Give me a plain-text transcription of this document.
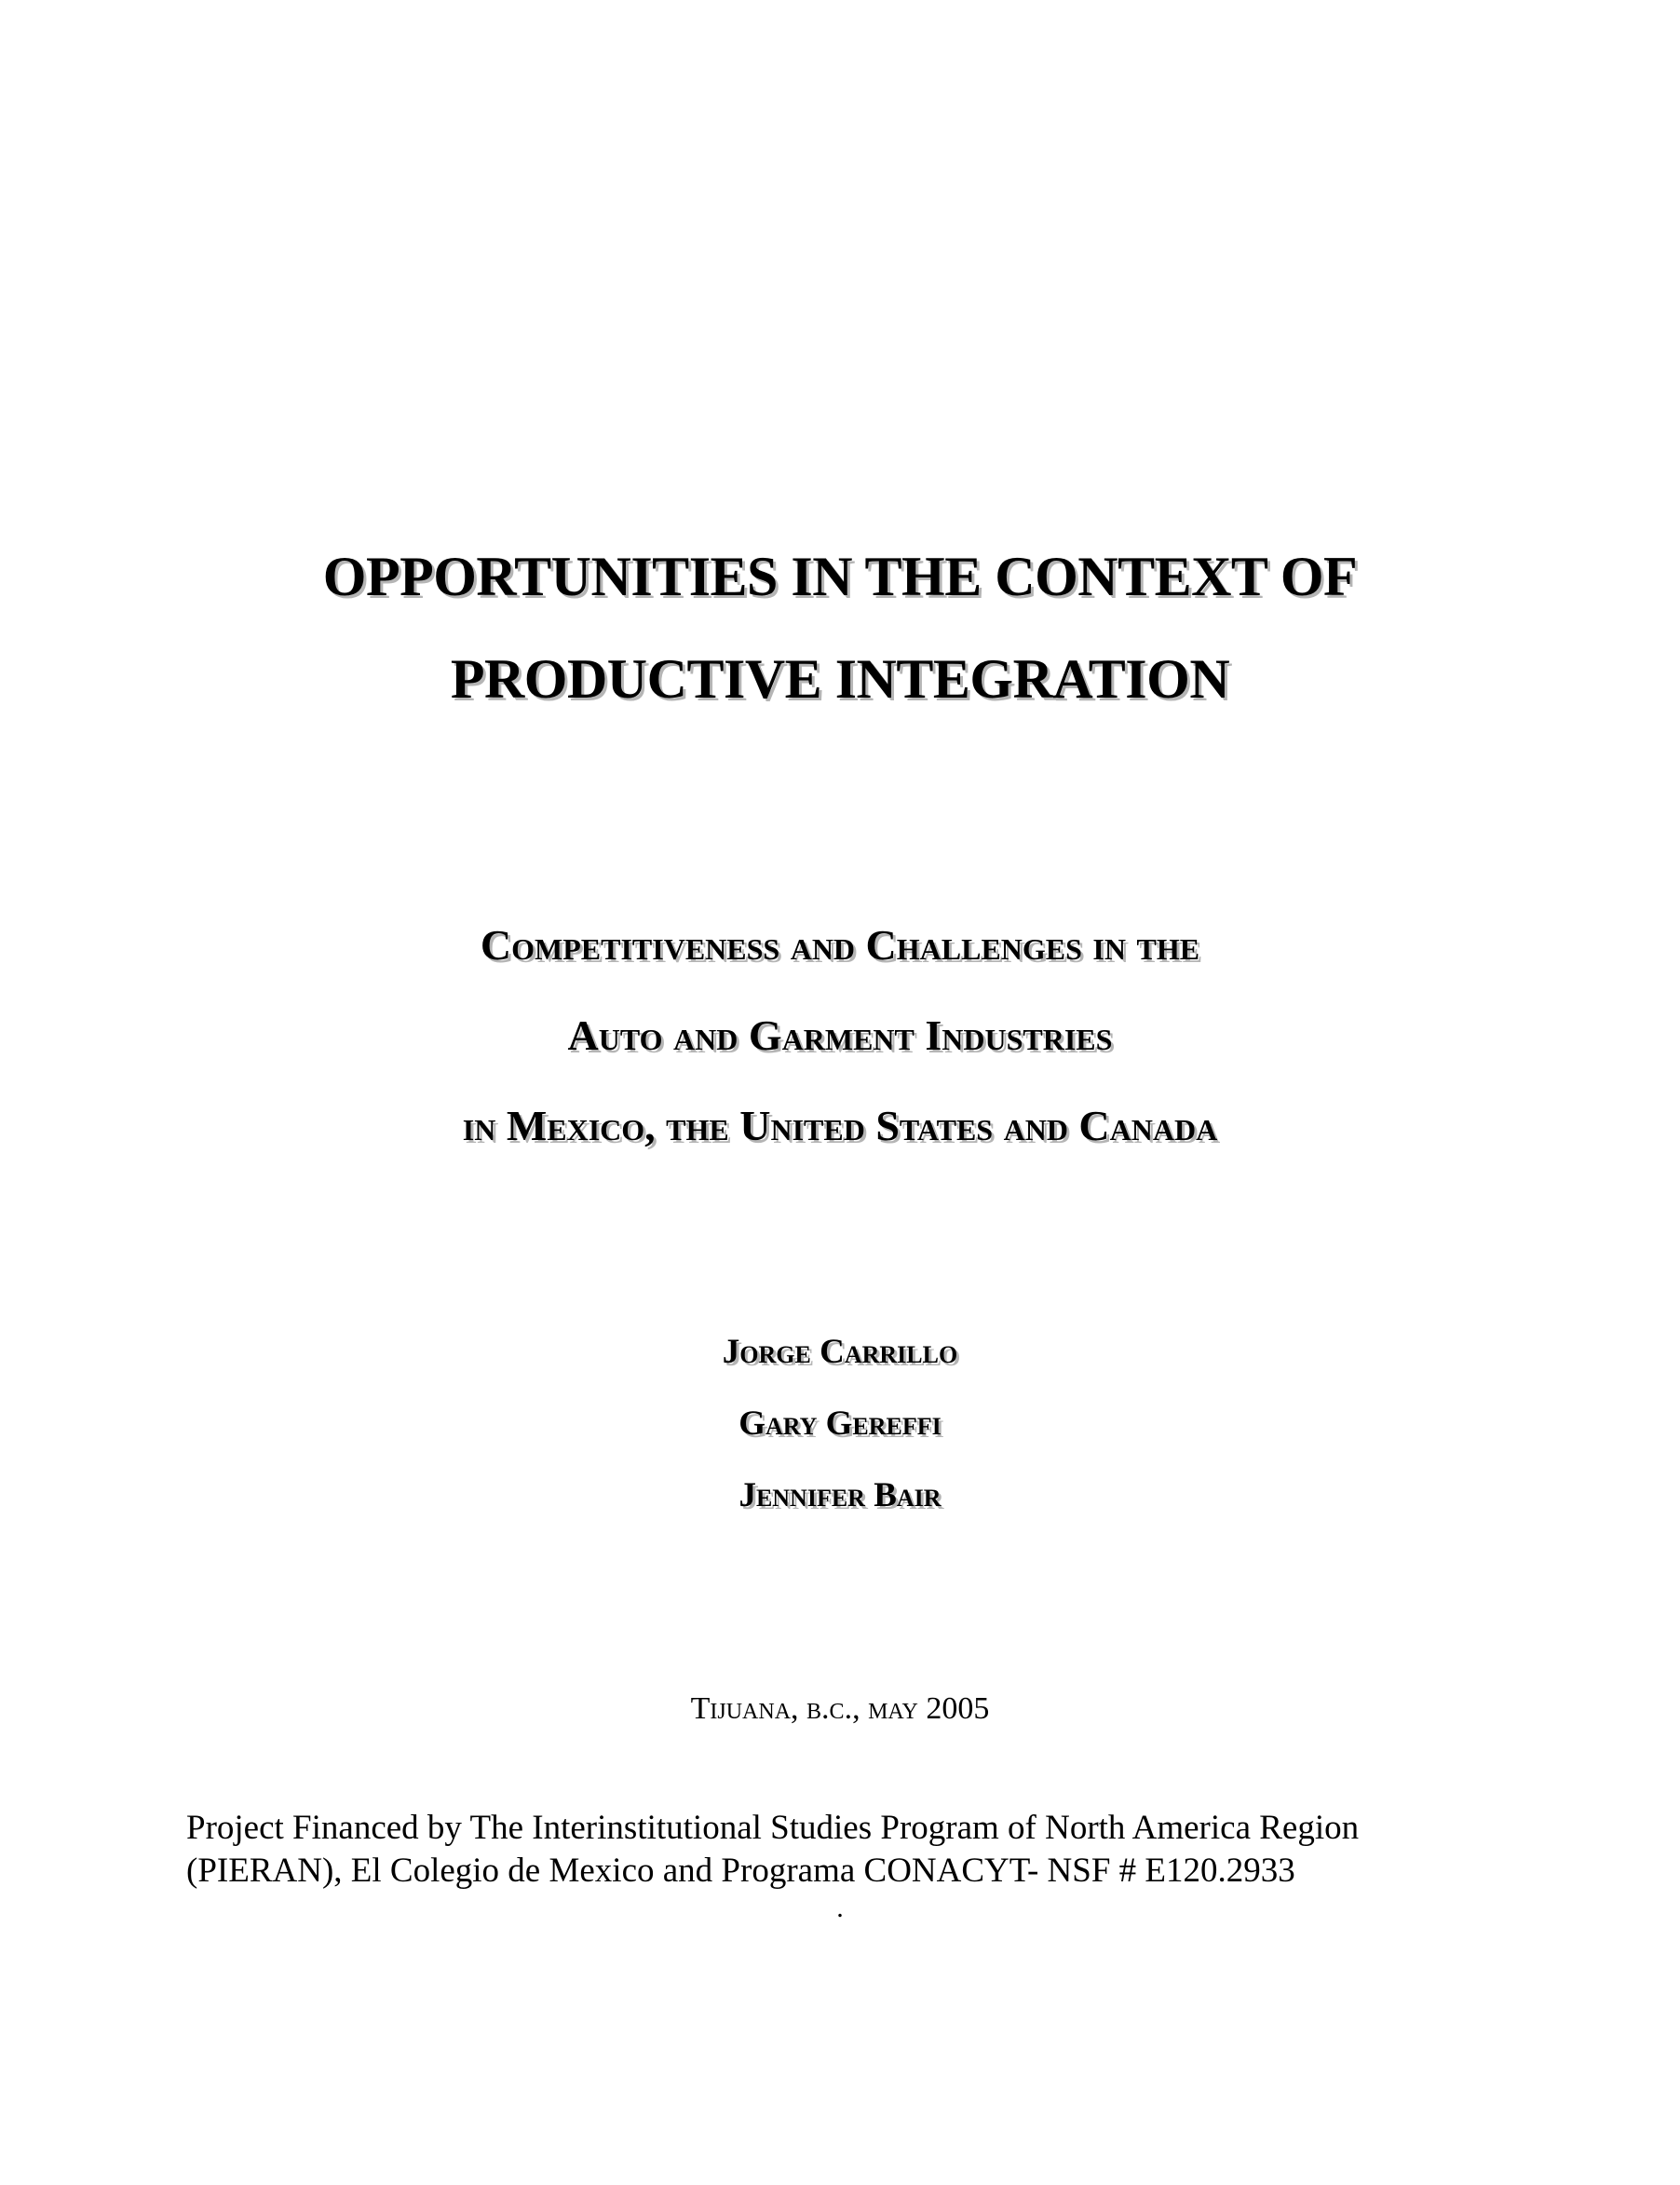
OPPORTUNITIES IN THE CONTEXT OF
PRODUCTIVE INTEGRATION
Competitiveness and Challenges in the
Auto and Garment Industries
in Mexico, the United States and Canada
Jorge Carrillo
Gary Gereffi
Jennifer Bair
Tijuana, b.c., may 2005
Project Financed by The Interinstitutional Studies Program of North America Region
(PIERAN), El Colegio de Mexico and Programa CONACYT- NSF # E120.2933
.
